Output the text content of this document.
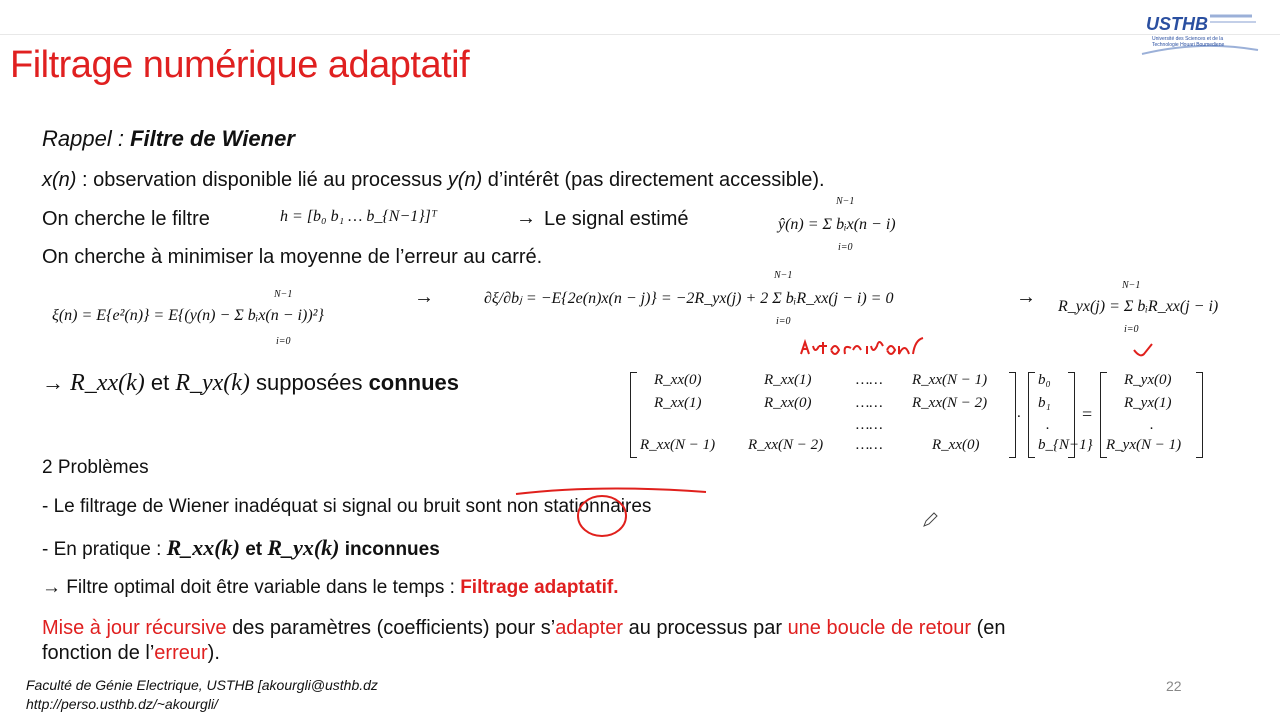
USTHB
Université des Sciences et de la Technologie Houari Boumediene
Filtrage numérique adaptatif
Rappel : Filtre de Wiener
x(n) : observation disponible lié au processus y(n) d’intérêt (pas directement accessible).
On cherche le filtre	h = [b₀ b₁ … b_{N−1}]ᵀ	→ Le signal estimé	ŷ(n) = Σ bᵢx(n − i)
N−1
i=0
On cherche à minimiser la moyenne de l’erreur au carré.
ξ(n) = E{e²(n)} = E{(y(n) − Σ bᵢx(n − i))²}
N−1
i=0
→	∂ξ/∂bⱼ = −E{2e(n)x(n − j)} = −2R_yx(j) + 2 Σ bᵢR_xx(j − i) = 0
N−1
i=0
→ R_yx(j) = Σ bᵢR_xx(j − i)
N−1
i=0
→ R_xx(k) et R_yx(k) supposées connues	R_xx(0)	R_xx(1)	…… R_xx(N − 1)
R_xx(1)	R_xx(0)	…… R_xx(N − 2)
……
R_xx(N − 1) R_xx(N − 2) ……	R_xx(0)
.
b₀
b₁
.
b_{N−1}
=
R_yx(0)
R_yx(1)
.
R_yx(N − 1)
2 Problèmes
- Le filtrage de Wiener inadéquat si signal ou bruit sont non stationnaires
- En pratique : R_xx(k) et R_yx(k) inconnues
→ Filtre optimal doit être variable dans le temps : Filtrage adaptatif.
Mise à jour récursive des paramètres (coefficients) pour s’adapter au processus par une boucle de retour (en
fonction de l’erreur).
Faculté de Génie Electrique, USTHB [akourgli@usthb.dz
http://perso.usthb.dz/~akourgli/
22
